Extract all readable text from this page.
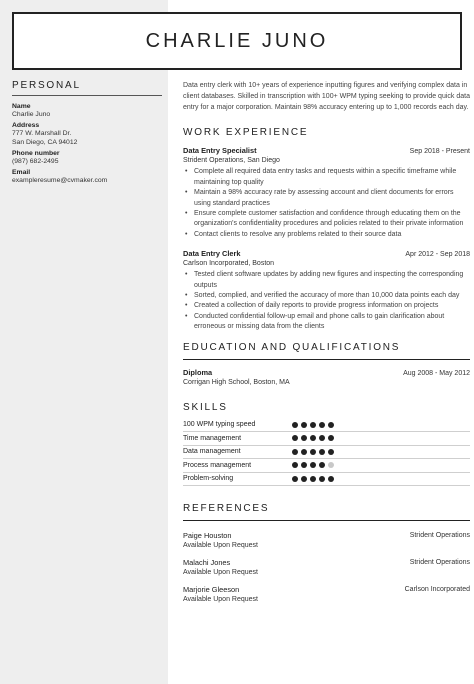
CHARLIE JUNO
PERSONAL
Name
Charlie Juno
Address
777 W. Marshall Dr.
San Diego, CA 94012
Phone number
(987) 682-2495
Email
exampleresume@cvmaker.com

Data entry clerk with 10+ years of experience inputting figures and verifying complex data in client databases. Skilled in transcription with 100+ WPM typing seeking to provide quick data entry for a major corporation. Maintain 98% accuracy entering up to 1,000 records each day.

WORK EXPERIENCE
Data Entry Specialist	Sep 2018 - Present
Strident Operations, San Diego
• Complete all required data entry tasks and requests within a specific timeframe while maintaining top quality
• Maintain a 98% accuracy rate by assessing account and client documents for errors using standard practices
• Ensure complete customer satisfaction and confidence through educating them on the organization's confidentiality procedures and policies related to their private information
• Contact clients to resolve any problems related to their source data
Data Entry Clerk	Apr 2012 - Sep 2018
Carlson Incorporated, Boston
• Tested client software updates by adding new figures and inspecting the corresponding outputs
• Sorted, complied, and verified the accuracy of more than 10,000 data points each day
• Created a collection of daily reports to provide progress information on projects
• Conducted confidential follow-up email and phone calls to gain clarification about erroneous or missing data from the clients
EDUCATION AND QUALIFICATIONS
Diploma	Aug 2008 - May 2012
Corrigan High School, Boston, MA
SKILLS
100 WPM typing speed
Time management
Data management
Process management
Problem-solving
REFERENCES
Paige Houston
Available Upon Request
Strident Operations
Malachi Jones
Available Upon Request
Strident Operations
Marjorie Gleeson
Available Upon Request
Carlson Incorporated
